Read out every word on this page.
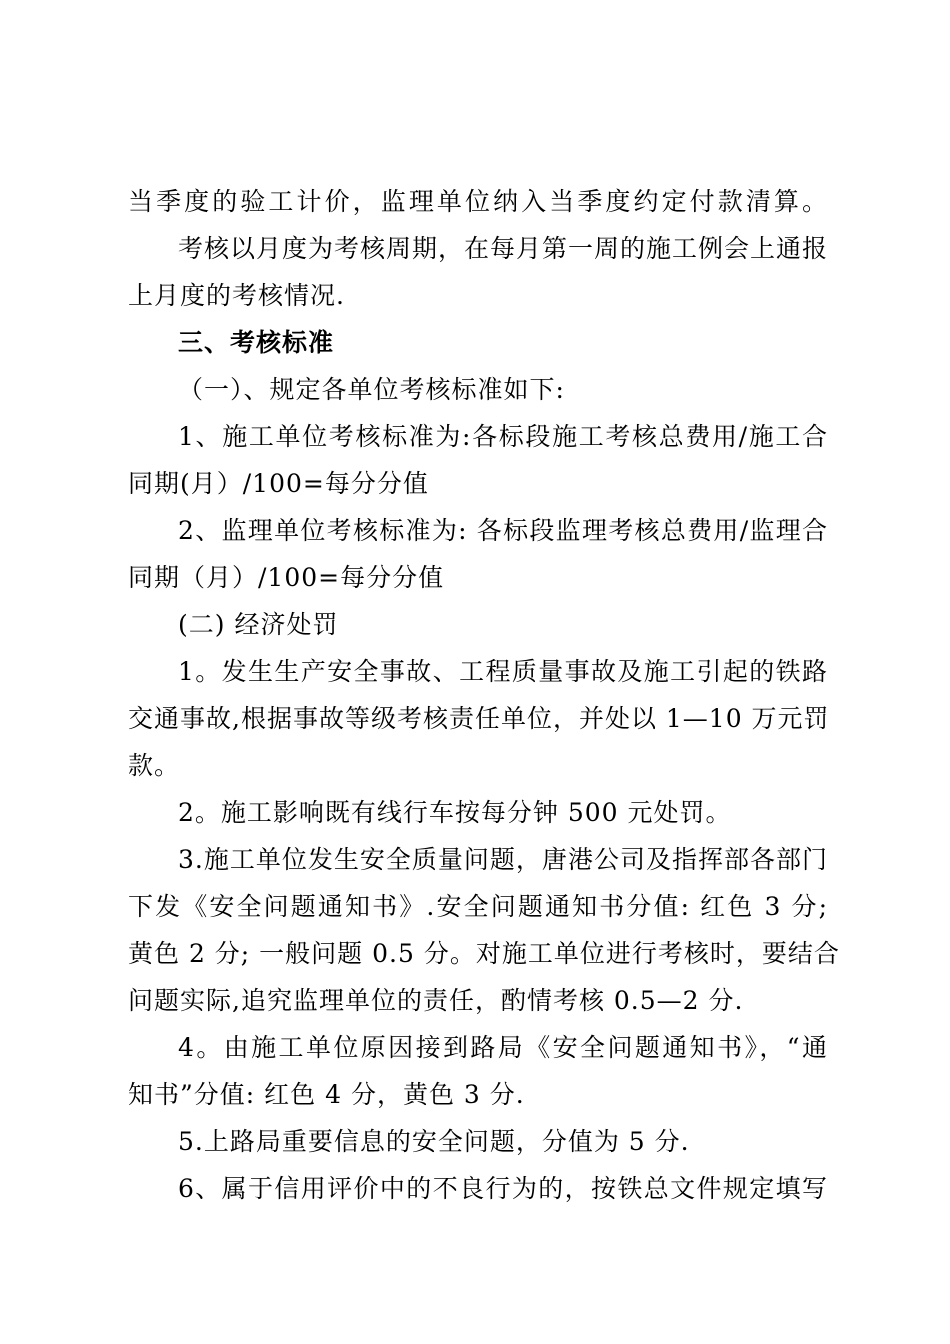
当季度的验工计价，监理单位纳入当季度约定付款清算。
考核以月度为考核周期，在每月第一周的施工例会上通报
上月度的考核情况.
三、考核标准
（一）、规定各单位考核标准如下:
1、施工单位考核标准为:各标段施工考核总费用/施工合
同期(月）/100=每分分值
2、监理单位考核标准为: 各标段监理考核总费用/监理合
同期（月）/100=每分分值
(二) 经济处罚
1。发生生产安全事故、工程质量事故及施工引起的铁路
交通事故,根据事故等级考核责任单位，并处以 1—10 万元罚
款。
2。施工影响既有线行车按每分钟 500 元处罚。
3.施工单位发生安全质量问题，唐港公司及指挥部各部门
下发《安全问题通知书》.安全问题通知书分值: 红色 3 分;
黄色 2 分; 一般问题 0.5 分。对施工单位进行考核时，要结合
问题实际,追究监理单位的责任，酌情考核 0.5—2 分.
4。由施工单位原因接到路局《安全问题通知书》，“通
知书”分值: 红色 4 分，黄色 3 分.
5.上路局重要信息的安全问题，分值为 5 分.
6、属于信用评价中的不良行为的，按铁总文件规定填写
